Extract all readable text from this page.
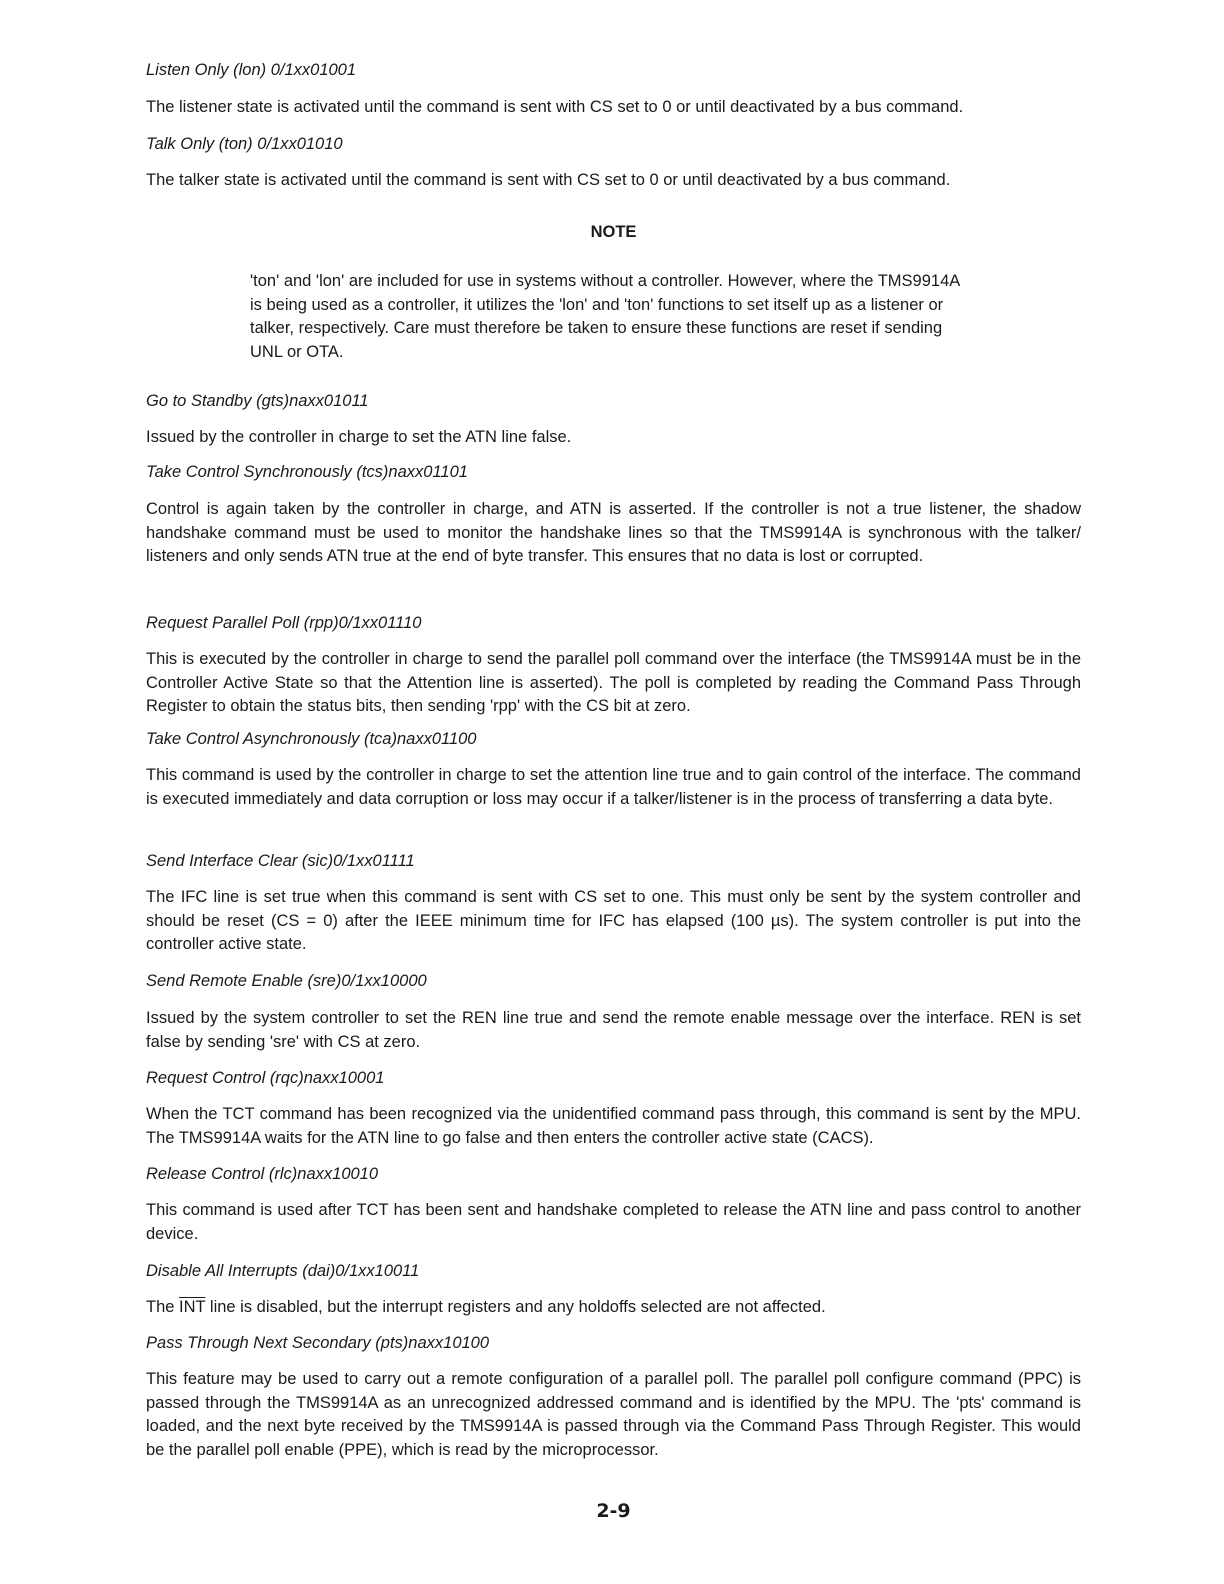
Listen Only (lon) 0/1xx01001

The listener state is activated until the command is sent with CS set to 0 or until deactivated by a bus command.

Talk Only (ton) 0/1xx01010

The talker state is activated until the command is sent with CS set to 0 or until deactivated by a bus command.

NOTE
'ton' and 'lon' are included for use in systems without a controller. However, where the TMS9914A is being used as a controller, it utilizes the 'lon' and 'ton' functions to set itself up as a listener or talker, respectively. Care must therefore be taken to ensure these functions are reset if sending UNL or OTA.

Go to Standby (gts)naxx01011

Issued by the controller in charge to set the ATN line false.

Take Control Synchronously (tcs)naxx01101

Control is again taken by the controller in charge, and ATN is asserted. If the controller is not a true listener, the shadow handshake command must be used to monitor the handshake lines so that the TMS9914A is synchronous with the talker/ listeners and only sends ATN true at the end of byte transfer. This ensures that no data is lost or corrupted.

Request Parallel Poll (rpp)0/1xx01110

This is executed by the controller in charge to send the parallel poll command over the interface (the TMS9914A must be in the Controller Active State so that the Attention line is asserted). The poll is completed by reading the Command Pass Through Register to obtain the status bits, then sending 'rpp' with the CS bit at zero.

Take Control Asynchronously (tca)naxx01100

This command is used by the controller in charge to set the attention line true and to gain control of the interface. The command is executed immediately and data corruption or loss may occur if a talker/listener is in the process of transferring a data byte.

Send Interface Clear (sic)0/1xx01111

The IFC line is set true when this command is sent with CS set to one. This must only be sent by the system controller and should be reset (CS = 0) after the IEEE minimum time for IFC has elapsed (100 µs). The system controller is put into the controller active state.

Send Remote Enable (sre)0/1xx10000

Issued by the system controller to set the REN line true and send the remote enable message over the interface. REN is set false by sending 'sre' with CS at zero.

Request Control (rqc)naxx10001

When the TCT command has been recognized via the unidentified command pass through, this command is sent by the MPU. The TMS9914A waits for the ATN line to go false and then enters the controller active state (CACS).

Release Control (rlc)naxx10010

This command is used after TCT has been sent and handshake completed to release the ATN line and pass control to another device.

Disable All Interrupts (dai)0/1xx10011

The $\overline{INT}$ line is disabled, but the interrupt registers and any holdoffs selected are not affected.

Pass Through Next Secondary (pts)naxx10100

This feature may be used to carry out a remote configuration of a parallel poll. The parallel poll configure command (PPC) is passed through the TMS9914A as an unrecognized addressed command and is identified by the MPU. The 'pts' command is loaded, and the next byte received by the TMS9914A is passed through via the Command Pass Through Register. This would be the parallel poll enable (PPE), which is read by the microprocessor.

2-9
